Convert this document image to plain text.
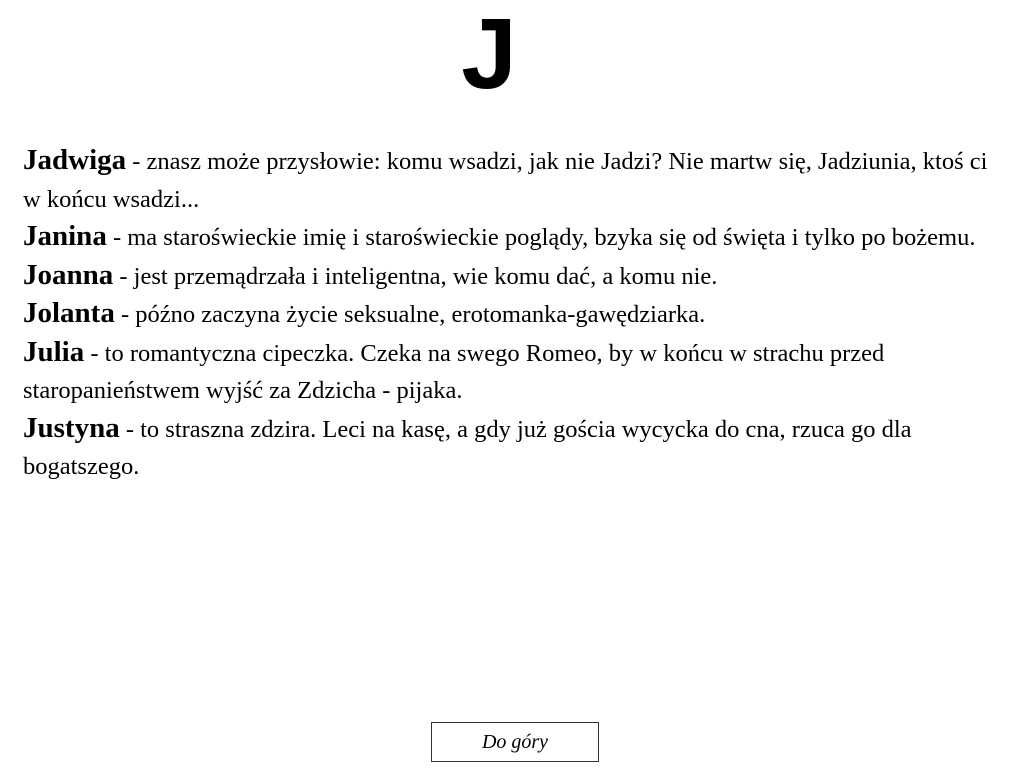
J

Jadwiga - znasz może przysłowie: komu wsadzi, jak nie Jadzi? Nie martw się, Jadziunia, ktoś ci w końcu wsadzi...

Janina - ma staroświeckie imię i staroświeckie poglądy, bzyka się od święta i tylko po bożemu.

Joanna - jest przemądrzała i inteligentna, wie komu dać, a komu nie.

Jolanta - późno zaczyna życie seksualne, erotomanka-gawędziarka.

Julia - to romantyczna cipeczka. Czeka na swego Romeo, by w końcu w strachu przed staropanieństwem wyjść za Zdzicha - pijaka.

Justyna - to straszna zdzira. Leci na kasę, a gdy już gościa wycycka do cna, rzuca go dla bogatszego.

Do góry
